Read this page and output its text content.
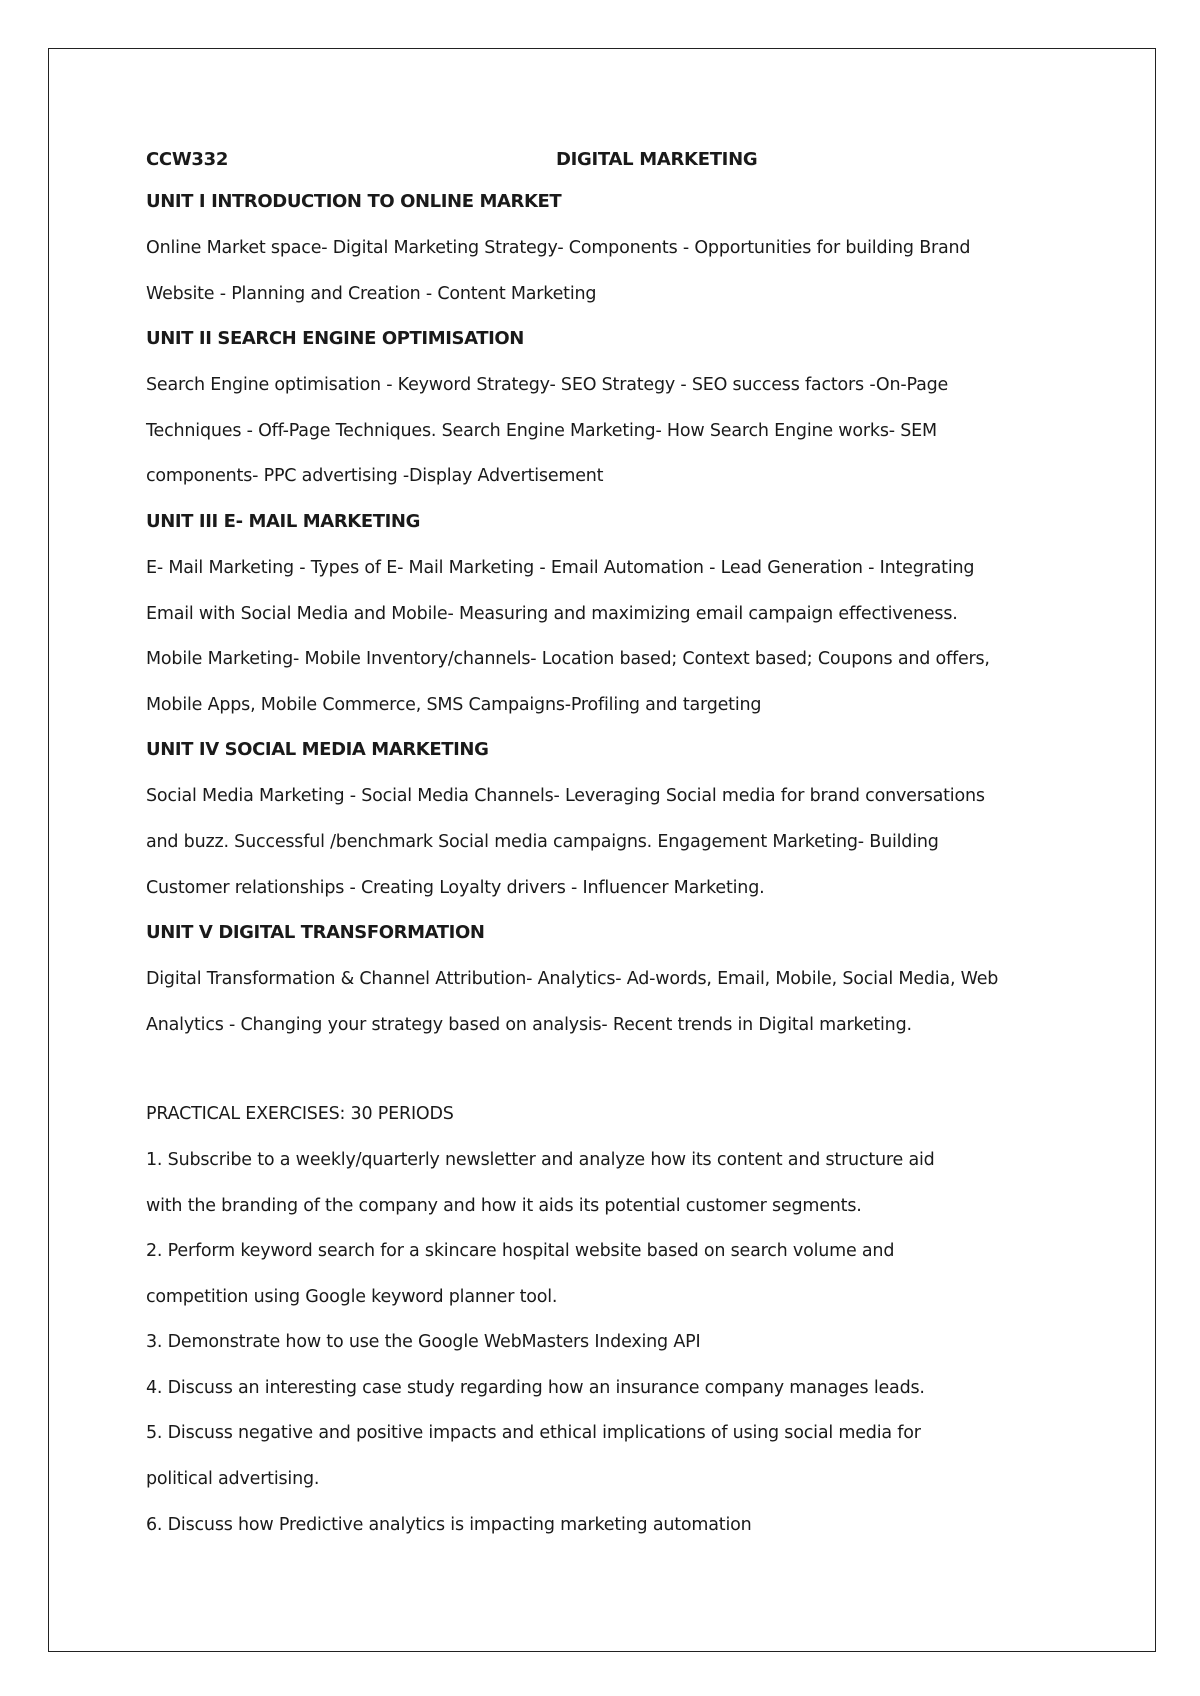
CCW332	DIGITAL MARKETING
UNIT I INTRODUCTION TO ONLINE MARKET
Online Market space- Digital Marketing Strategy- Components - Opportunities for building Brand
Website - Planning and Creation - Content Marketing
UNIT II SEARCH ENGINE OPTIMISATION
Search Engine optimisation - Keyword Strategy- SEO Strategy - SEO success factors -On-Page
Techniques - Off-Page Techniques. Search Engine Marketing- How Search Engine works- SEM
components- PPC advertising -Display Advertisement
UNIT III E- MAIL MARKETING
E- Mail Marketing - Types of E- Mail Marketing - Email Automation - Lead Generation - Integrating
Email with Social Media and Mobile- Measuring and maximizing email campaign effectiveness.
Mobile Marketing- Mobile Inventory/channels- Location based; Context based; Coupons and offers,
Mobile Apps, Mobile Commerce, SMS Campaigns-Profiling and targeting
UNIT IV SOCIAL MEDIA MARKETING
Social Media Marketing - Social Media Channels- Leveraging Social media for brand conversations
and buzz. Successful /benchmark Social media campaigns. Engagement Marketing- Building
Customer relationships - Creating Loyalty drivers - Influencer Marketing.
UNIT V DIGITAL TRANSFORMATION
Digital Transformation & Channel Attribution- Analytics- Ad-words, Email, Mobile, Social Media, Web
Analytics - Changing your strategy based on analysis- Recent trends in Digital marketing.
PRACTICAL EXERCISES: 30 PERIODS
1. Subscribe to a weekly/quarterly newsletter and analyze how its content and structure aid
with the branding of the company and how it aids its potential customer segments.
2. Perform keyword search for a skincare hospital website based on search volume and
competition using Google keyword planner tool.
3. Demonstrate how to use the Google WebMasters Indexing API
4. Discuss an interesting case study regarding how an insurance company manages leads.
5. Discuss negative and positive impacts and ethical implications of using social media for
political advertising.
6. Discuss how Predictive analytics is impacting marketing automation
